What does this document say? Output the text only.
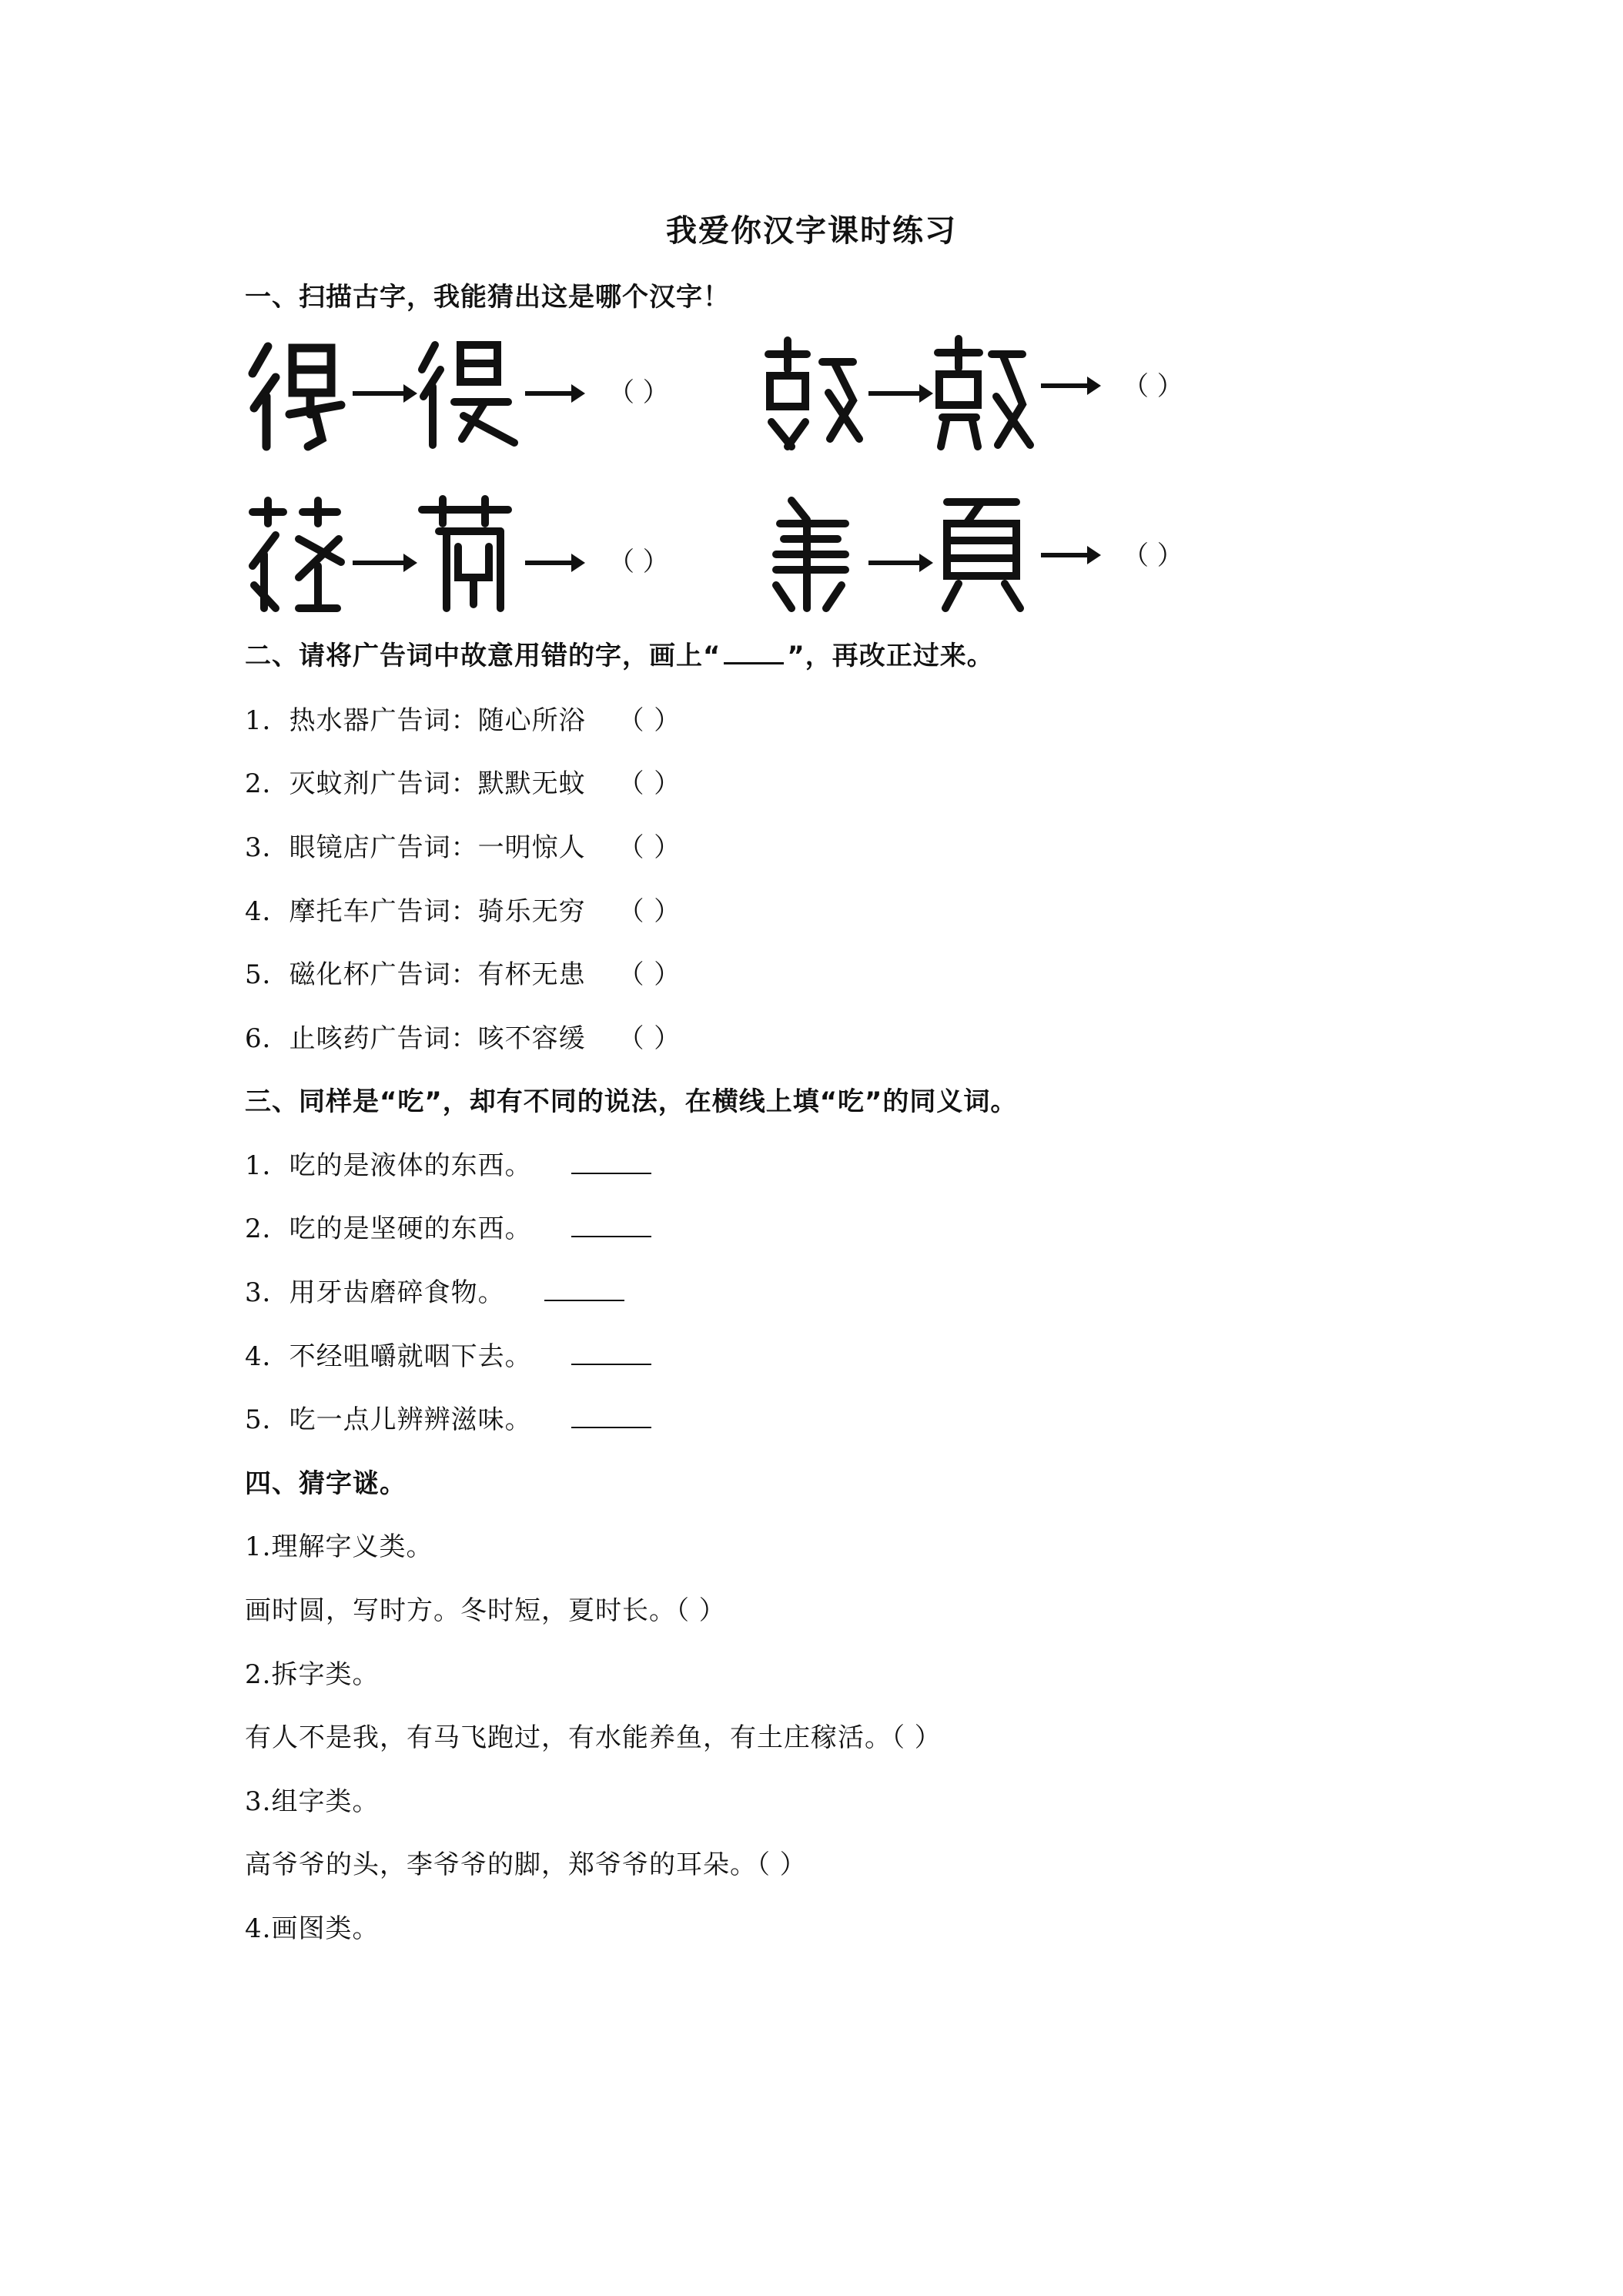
我爱你汉字课时练习
一、扫描古字，我能猜出这是哪个汉字！
（ ）	（ ）
（ ）	（ ）
二、请将广告词中故意用错的字，画上“	”，再改正过来。
1．热水器广告词：随心所浴 （ ）
2．灭蚊剂广告词：默默无蚊 （ ）
3．眼镜店广告词：一明惊人 （ ）
4．摩托车广告词：骑乐无穷 （ ）
5．磁化杯广告词：有杯无患 （ ）
6．止咳药广告词：咳不容缓 （ ）
三、同样是“吃”，却有不同的说法，在横线上填“吃”的同义词。
1．吃的是液体的东西。
2．吃的是坚硬的东西。
3．用牙齿磨碎食物。
4．不经咀嚼就咽下去。
5．吃一点儿辨辨滋味。
四、猜字谜。
1.理解字义类。
画时圆，写时方。冬时短，夏时长。（ ）
2.拆字类。
有人不是我，有马飞跑过，有水能养鱼，有土庄稼活。（ ）
3.组字类。
高爷爷的头，李爷爷的脚，郑爷爷的耳朵。（ ）
4.画图类。
